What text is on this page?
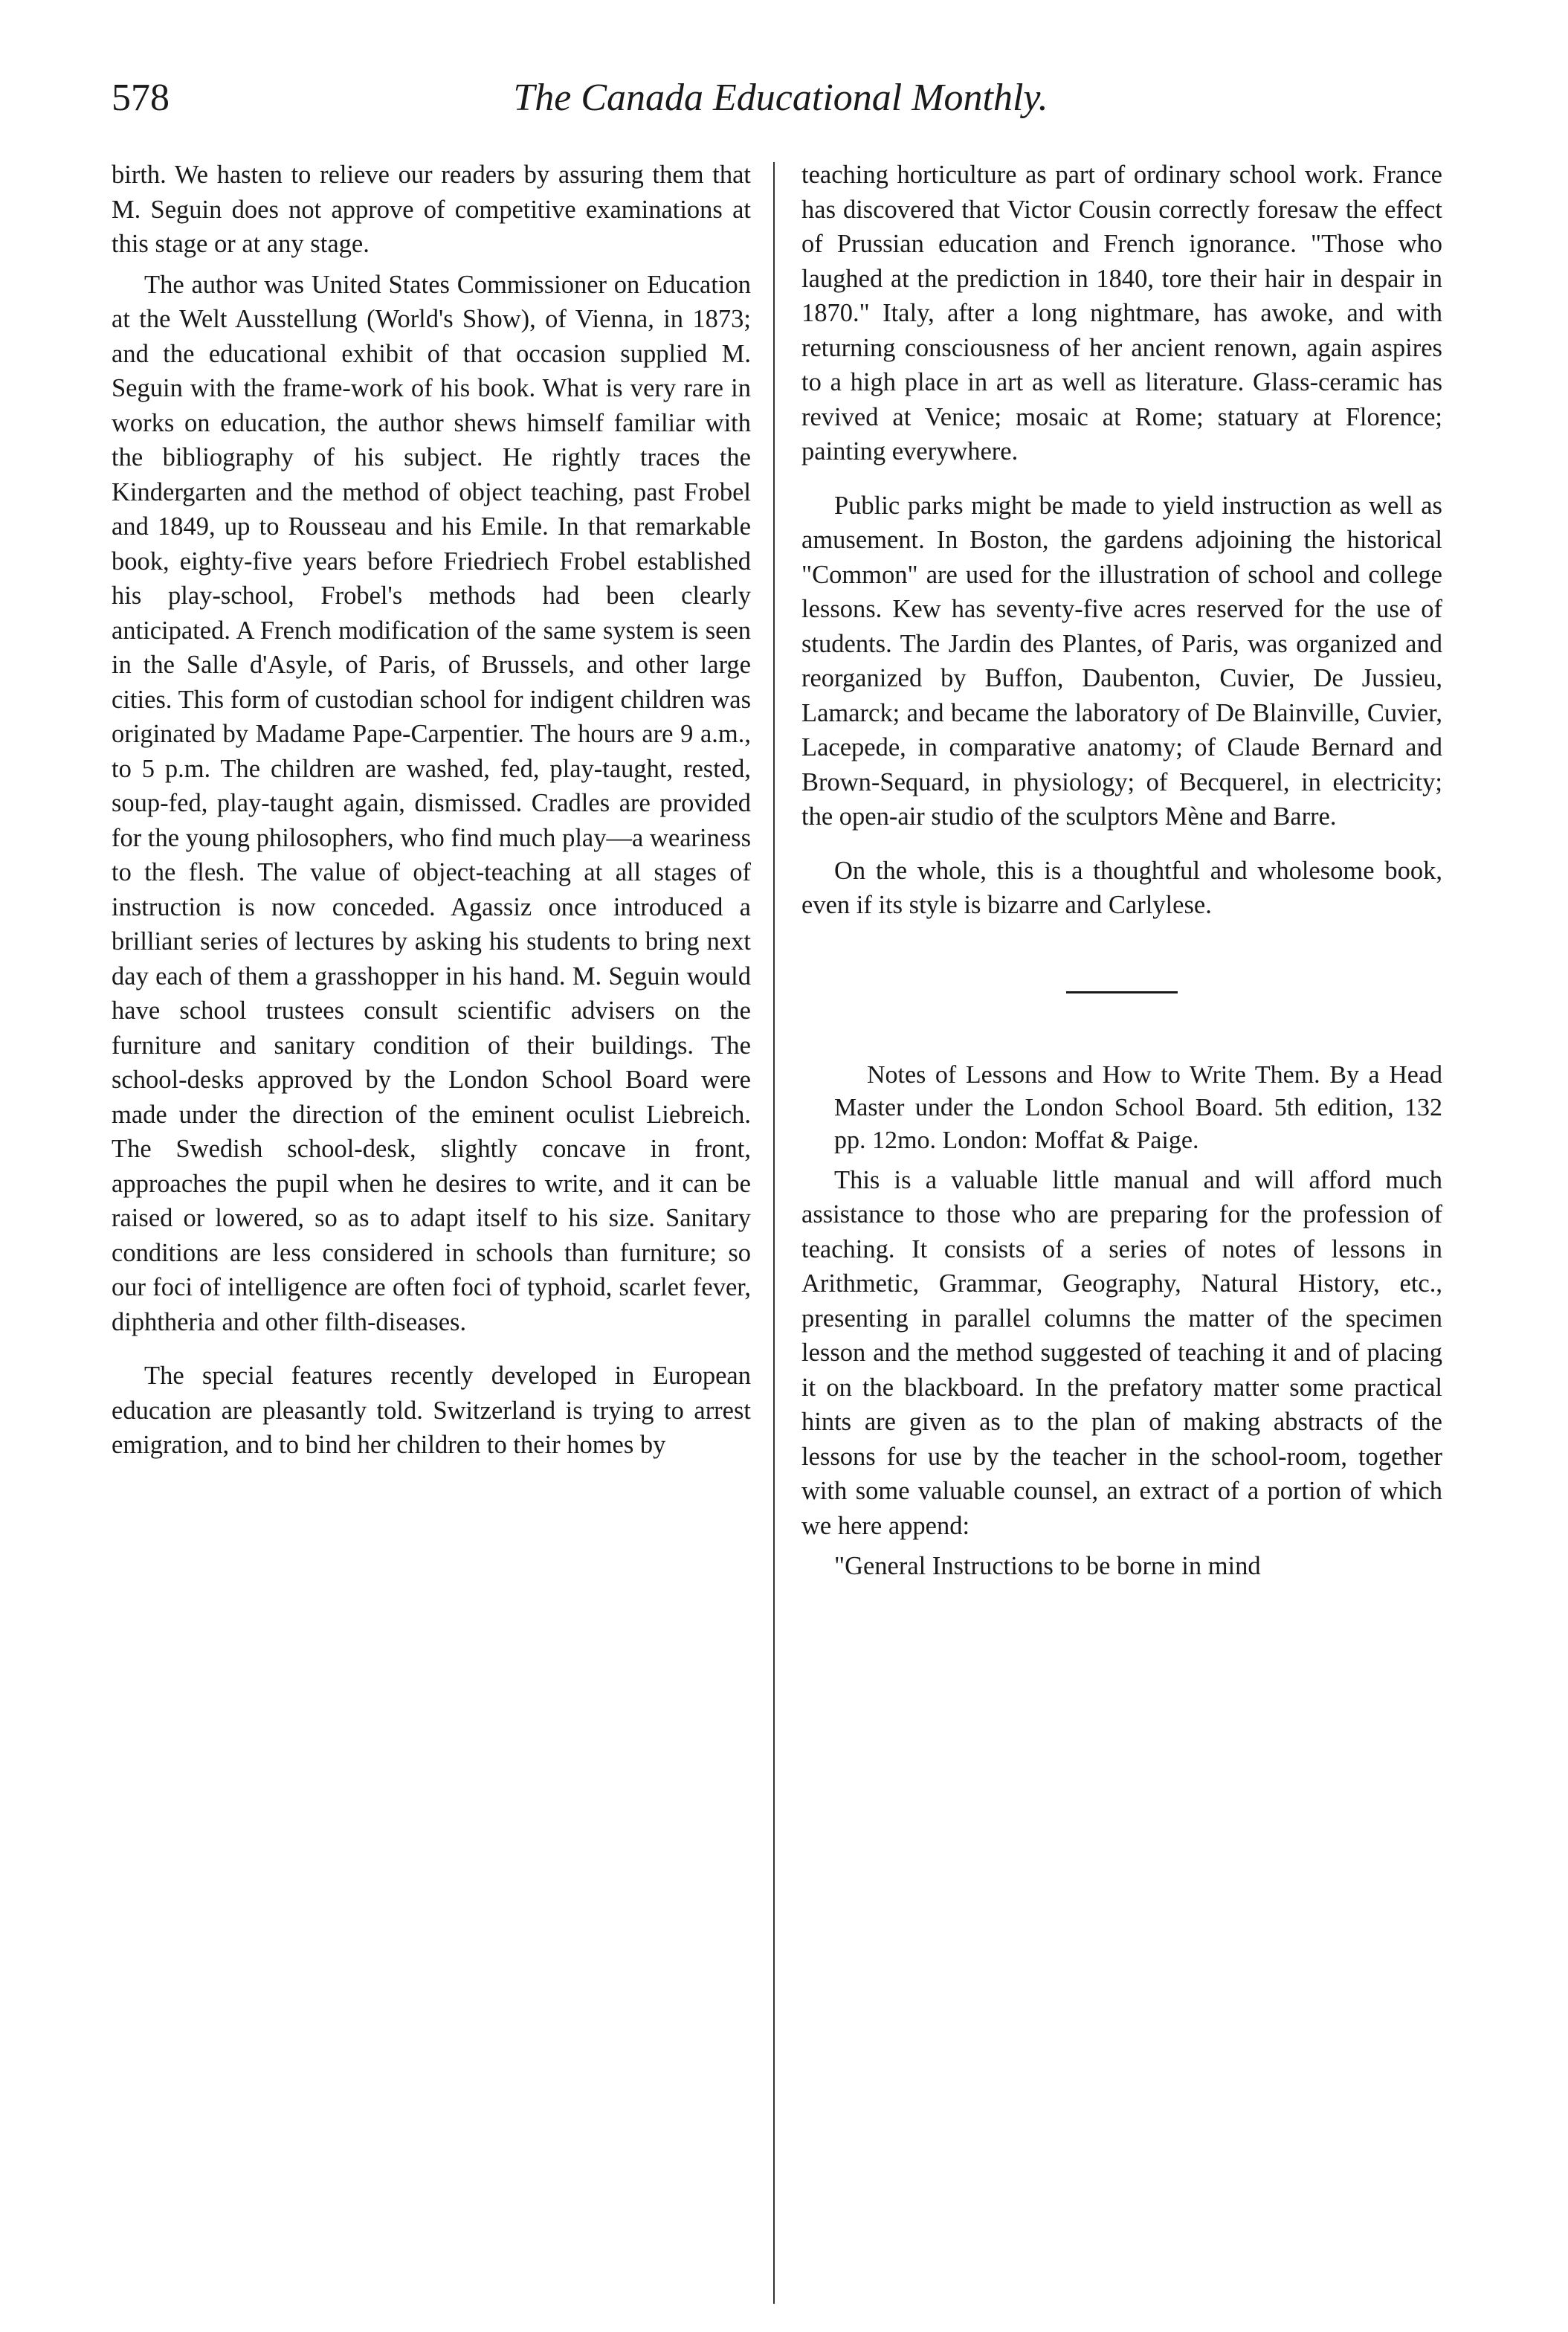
578	The Canada Educational Monthly.

birth. We hasten to relieve our readers by assuring them that M. Seguin does not approve of competitive examinations at this stage or at any stage.

The author was United States Commissioner on Education at the Welt Ausstellung (World's Show), of Vienna, in 1873; and the educational exhibit of that occasion supplied M. Seguin with the frame-work of his book. What is very rare in works on education, the author shews himself familiar with the bibliography of his subject. He rightly traces the Kindergarten and the method of object teaching, past Frobel and 1849, up to Rousseau and his Emile. In that remarkable book, eighty-five years before Friedriech Frobel established his play-school, Frobel's methods had been clearly anticipated. A French modification of the same system is seen in the Salle d'Asyle, of Paris, of Brussels, and other large cities. This form of custodian school for indigent children was originated by Madame Pape-Carpentier. The hours are 9 a.m., to 5 p.m. The children are washed, fed, play-taught, rested, soup-fed, play-taught again, dismissed. Cradles are provided for the young philosophers, who find much play—a weariness to the flesh. The value of object-teaching at all stages of instruction is now conceded. Agassiz once introduced a brilliant series of lectures by asking his students to bring next day each of them a grasshopper in his hand. M. Seguin would have school trustees consult scientific advisers on the furniture and sanitary condition of their buildings. The school-desks approved by the London School Board were made under the direction of the eminent oculist Liebreich. The Swedish school-desk, slightly concave in front, approaches the pupil when he desires to write, and it can be raised or lowered, so as to adapt itself to his size. Sanitary conditions are less considered in schools than furniture; so our foci of intelligence are often foci of typhoid, scarlet fever, diphtheria and other filth-diseases.

The special features recently developed in European education are pleasantly told. Switzerland is trying to arrest emigration, and to bind her children to their homes by

teaching horticulture as part of ordinary school work. France has discovered that Victor Cousin correctly foresaw the effect of Prussian education and French ignorance. "Those who laughed at the prediction in 1840, tore their hair in despair in 1870." Italy, after a long nightmare, has awoke, and with returning consciousness of her ancient renown, again aspires to a high place in art as well as literature. Glass-ceramic has revived at Venice; mosaic at Rome; statuary at Florence; painting everywhere.

Public parks might be made to yield instruction as well as amusement. In Boston, the gardens adjoining the historical "Common" are used for the illustration of school and college lessons. Kew has seventy-five acres reserved for the use of students. The Jardin des Plantes, of Paris, was organized and reorganized by Buffon, Daubenton, Cuvier, De Jussieu, Lamarck; and became the laboratory of De Blainville, Cuvier, Lacepede, in comparative anatomy; of Claude Bernard and Brown-Sequard, in physiology; of Becquerel, in electricity; the open-air studio of the sculptors Mène and Barre.

On the whole, this is a thoughtful and wholesome book, even if its style is bizarre and Carlylese.

Notes of Lessons and How to Write Them. By a Head Master under the London School Board. 5th edition, 132 pp. 12mo. London: Moffat & Paige.

This is a valuable little manual and will afford much assistance to those who are preparing for the profession of teaching. It consists of a series of notes of lessons in Arithmetic, Grammar, Geography, Natural History, etc., presenting in parallel columns the matter of the specimen lesson and the method suggested of teaching it and of placing it on the blackboard. In the prefatory matter some practical hints are given as to the plan of making abstracts of the lessons for use by the teacher in the school-room, together with some valuable counsel, an extract of a portion of which we here append:

"General Instructions to be borne in mind
